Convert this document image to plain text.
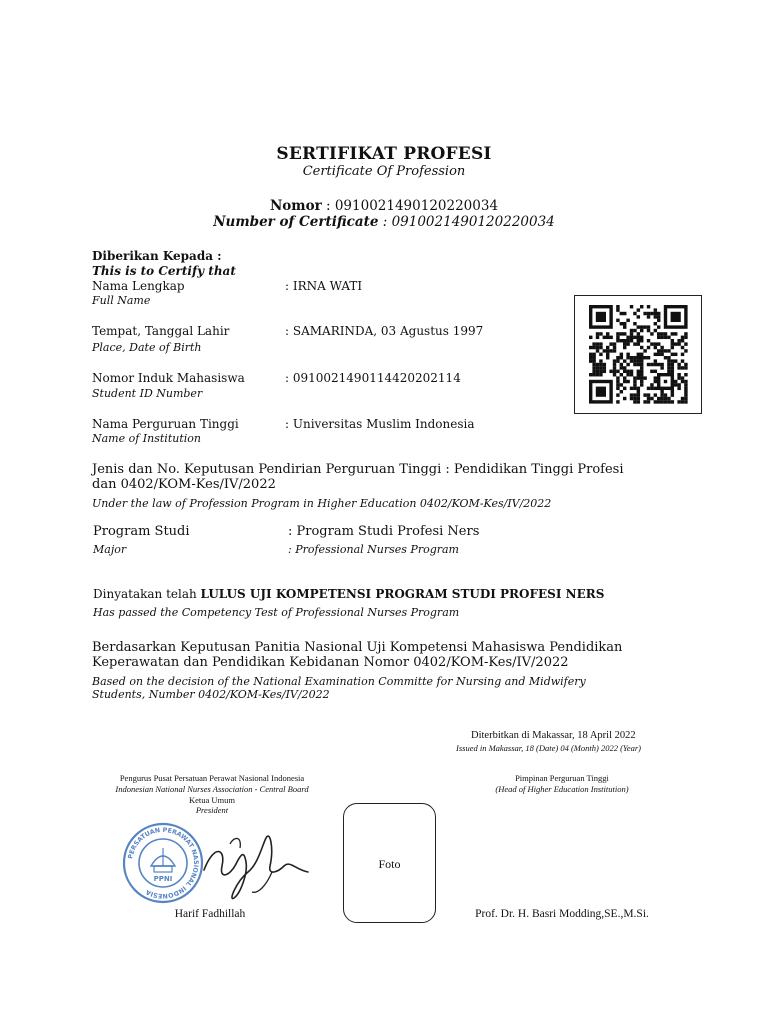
SERTIFIKAT PROFESI
Certificate Of Profession
Nomor : 0910021490120220034
Number of Certificate : 0910021490120220034
Diberikan Kepada :
This is to Certify that
Nama Lengkap
Full Name
: IRNA WATI
Tempat, Tanggal Lahir
Place, Date of Birth
: SAMARINDA, 03 Agustus 1997
Nomor Induk Mahasiswa
Student ID Number
: 0910021490114420202114
Nama Perguruan Tinggi
Name of Institution
: Universitas Muslim Indonesia
Jenis dan No. Keputusan Pendirian Perguruan Tinggi : Pendidikan Tinggi Profesi
dan 0402/KOM-Kes/IV/2022
Under the law of Profession Program in Higher Education 0402/KOM-Kes/IV/2022
Program Studi
Major
: Program Studi Profesi Ners
: Professional Nurses Program
Dinyatakan telah LULUS UJI KOMPETENSI PROGRAM STUDI PROFESI NERS
Has passed the Competency Test of Professional Nurses Program
Berdasarkan Keputusan Panitia Nasional Uji Kompetensi Mahasiswa Pendidikan
Keperawatan dan Pendidikan Kebidanan Nomor 0402/KOM-Kes/IV/2022
Based on the decision of the National Examination Committe for Nursing and Midwifery
Students, Number 0402/KOM-Kes/IV/2022
Diterbitkan di Makassar, 18 April 2022
Issued in Makassar, 18 (Date) 04 (Month) 2022 (Year)
Pengurus Pusat Persatuan Perawat Nasional Indonesia
Indonesian National Nurses Association - Central Board
Ketua Umum
President
PERSATUAN PERAWAT NASIONAL INDONESIA
PPNI
Harif Fadhillah
Foto
Pimpinan Perguruan Tinggi
(Head of Higher Education Institution)
Prof. Dr. H. Basri Modding,SE.,M.Si.
